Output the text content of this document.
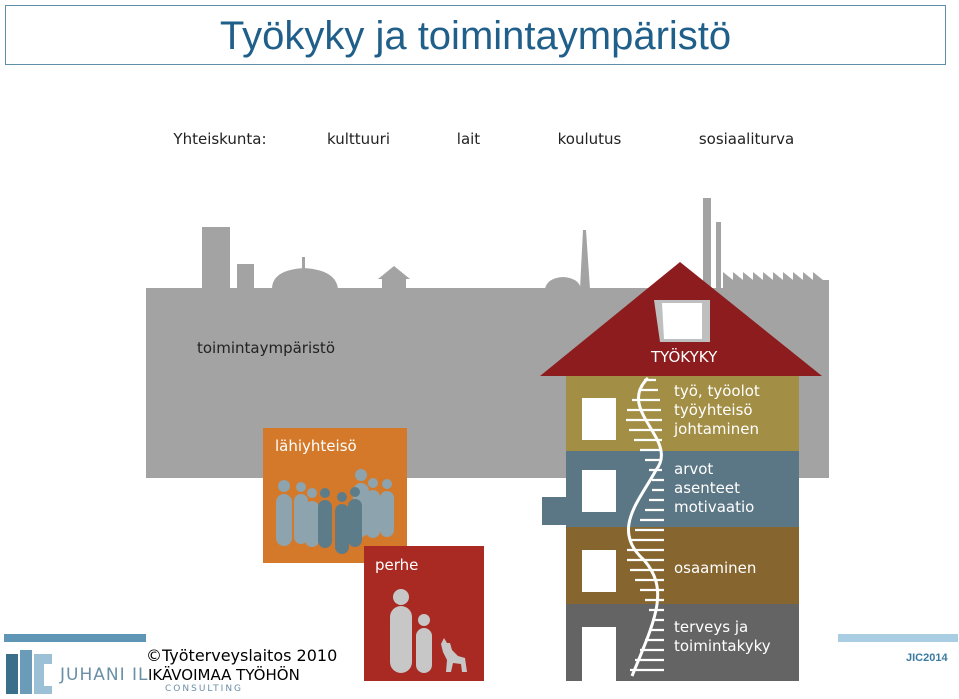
Työkyky ja toimintaympäristö
Yhteiskunta:	kulttuuri	lait	koulutus	sosiaaliturva
toimintaympäristö
lähiyhteisö
perhe
TYÖKYKY
työ, työolot
työyhteisö
johtaminen
arvot
asenteet
motivaatio
osaaminen
terveys ja
toimintakyky
©Työterveyslaitos 2010
JUHANI IL IKÄVOIMAA TYÖHÖN
CONSULTING
JIC2014
